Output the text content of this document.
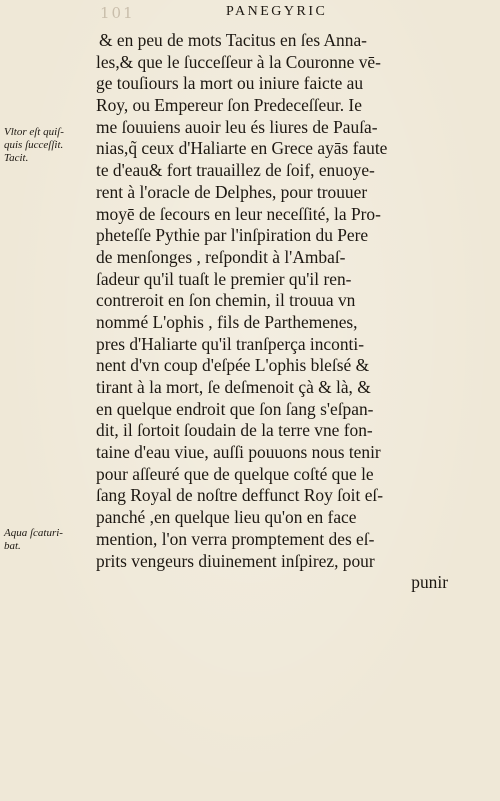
101	PANEGYRIC
Vltor eſt quiſ-
quis ſucceſſit.
Tacit.
Aqua ſcaturi-
bat.
& en peu de mots Tacitus en ſes Anna-
les,& que le ſucceſſeur à la Couronne vē-
ge touſiours la mort ou iniure faicte au
Roy, ou Empereur ſon Predeceſſeur. Ie
me ſouuiens auoir leu és liures de Pauſa-
nias,q̃ ceux d'Haliarte en Grece ayās faute
te d'eau& fort trauaillez de ſoif, enuoye-
rent à l'oracle de Delphes, pour trouuer
moyē de ſecours en leur neceſſité, la Pro-
pheteſſe Pythie par l'inſpiration du Pere
de menſonges , reſpondit à l'Ambaſ-
ſadeur qu'il tuaſt le premier qu'il ren-
contreroit en ſon chemin, il trouua vn
nommé L'ophis , fils de Parthemenes,
pres d'Haliarte qu'il tranſperça inconti-
nent d'vn coup d'eſpée L'ophis bleſsé &
tirant à la mort, ſe deſmenoit çà & là, &
en quelque endroit que ſon ſang s'eſpan-
dit, il ſortoit ſoudain de la terre vne fon-
taine d'eau viue, auſſi pouuons nous tenir
pour aſſeuré que de quelque coſté que le
ſang Royal de noſtre deffunct Roy ſoit eſ-
panché ,en quelque lieu qu'on en face
mention, l'on verra promptement des eſ-
prits vengeurs diuinement inſpirez, pour
punir
